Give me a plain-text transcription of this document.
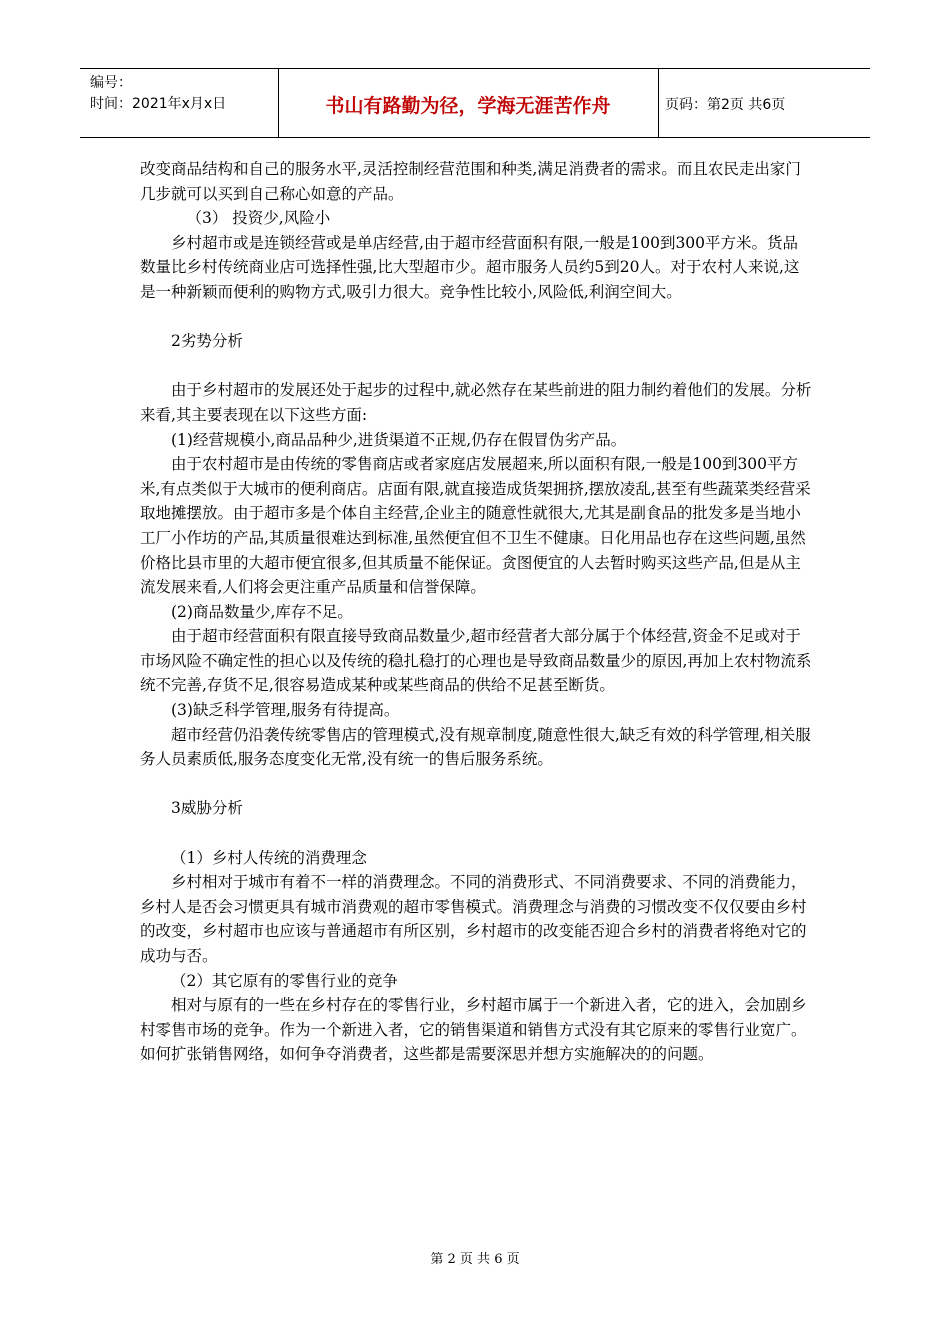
编号：
时间：2021年x月x日	书山有路勤为径，学海无涯苦作舟	页码：第2页 共6页

改变商品结构和自己的服务水平,灵活控制经营范围和种类,满足消费者的需求。而且农民走出家门几步就可以买到自己称心如意的产品。

（3） 投资少,风险小

乡村超市或是连锁经营或是单店经营,由于超市经营面积有限,一般是100到300平方米。货品数量比乡村传统商业店可选择性强,比大型超市少。超市服务人员约5到20人。对于农村人来说,这是一种新颖而便利的购物方式,吸引力很大。竞争性比较小,风险低,利润空间大。

2劣势分析

由于乡村超市的发展还处于起步的过程中,就必然存在某些前进的阻力制约着他们的发展。分析来看,其主要表现在以下这些方面:

(1)经营规模小,商品品种少,进货渠道不正规,仍存在假冒伪劣产品。

由于农村超市是由传统的零售商店或者家庭店发展超来,所以面积有限,一般是100到300平方米,有点类似于大城市的便利商店。店面有限,就直接造成货架拥挤,摆放凌乱,甚至有些蔬菜类经营采取地摊摆放。由于超市多是个体自主经营,企业主的随意性就很大,尤其是副食品的批发多是当地小工厂小作坊的产品,其质量很难达到标准,虽然便宜但不卫生不健康。日化用品也存在这些问题,虽然价格比县市里的大超市便宜很多,但其质量不能保证。贪图便宜的人去暂时购买这些产品,但是从主流发展来看,人们将会更注重产品质量和信誉保障。

(2)商品数量少,库存不足。

由于超市经营面积有限直接导致商品数量少,超市经营者大部分属于个体经营,资金不足或对于市场风险不确定性的担心以及传统的稳扎稳打的心理也是导致商品数量少的原因,再加上农村物流系统不完善,存货不足,很容易造成某种或某些商品的供给不足甚至断货。

(3)缺乏科学管理,服务有待提高。

超市经营仍沿袭传统零售店的管理模式,没有规章制度,随意性很大,缺乏有效的科学管理,相关服务人员素质低,服务态度变化无常,没有统一的售后服务系统。

3威胁分析

（1）乡村人传统的消费理念

乡村相对于城市有着不一样的消费理念。不同的消费形式、不同消费要求、不同的消费能力，乡村人是否会习惯更具有城市消费观的超市零售模式。消费理念与消费的习惯改变不仅仅要由乡村的改变，乡村超市也应该与普通超市有所区别，乡村超市的改变能否迎合乡村的消费者将绝对它的成功与否。

（2）其它原有的零售行业的竞争

相对与原有的一些在乡村存在的零售行业，乡村超市属于一个新进入者，它的进入，会加剧乡村零售市场的竞争。作为一个新进入者，它的销售渠道和销售方式没有其它原来的零售行业宽广。如何扩张销售网络，如何争夺消费者，这些都是需要深思并想方实施解决的的问题。

第 2 页 共 6 页
